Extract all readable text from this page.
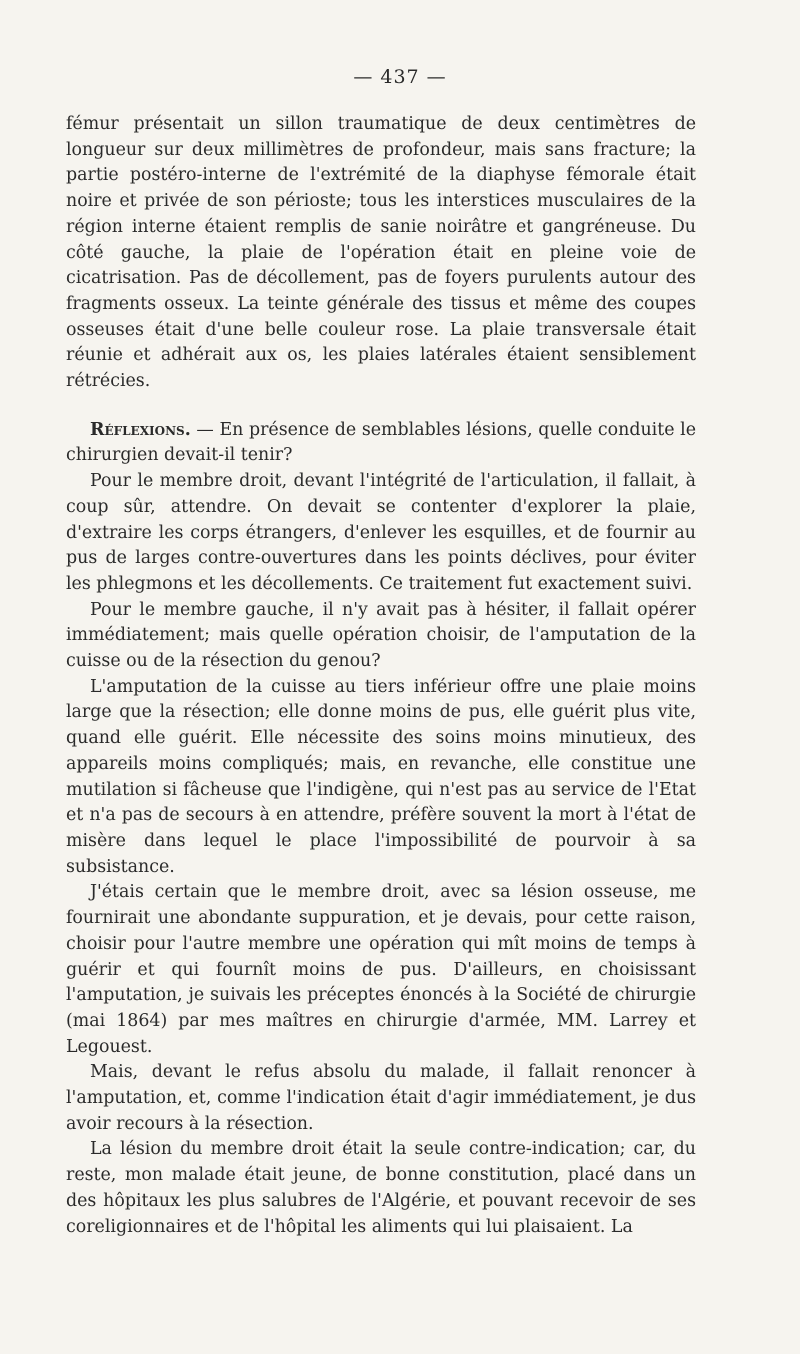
— 437 —

fémur présentait un sillon traumatique de deux centimètres de longueur sur deux millimètres de profondeur, mais sans fracture; la partie postéro-interne de l'extrémité de la diaphyse fémorale était noire et privée de son périoste; tous les interstices musculaires de la région interne étaient remplis de sanie noirâtre et gangréneuse. Du côté gauche, la plaie de l'opération était en pleine voie de cicatrisation. Pas de décollement, pas de foyers purulents autour des fragments osseux. La teinte générale des tissus et même des coupes osseuses était d'une belle couleur rose. La plaie transversale était réunie et adhérait aux os, les plaies latérales étaient sensiblement rétrécies.

Réflexions. — En présence de semblables lésions, quelle conduite le chirurgien devait-il tenir?

Pour le membre droit, devant l'intégrité de l'articulation, il fallait, à coup sûr, attendre. On devait se contenter d'explorer la plaie, d'extraire les corps étrangers, d'enlever les esquilles, et de fournir au pus de larges contre-ouvertures dans les points déclives, pour éviter les phlegmons et les décollements. Ce traitement fut exactement suivi.

Pour le membre gauche, il n'y avait pas à hésiter, il fallait opérer immédiatement; mais quelle opération choisir, de l'amputation de la cuisse ou de la résection du genou?

L'amputation de la cuisse au tiers inférieur offre une plaie moins large que la résection; elle donne moins de pus, elle guérit plus vite, quand elle guérit. Elle nécessite des soins moins minutieux, des appareils moins compliqués; mais, en revanche, elle constitue une mutilation si fâcheuse que l'indigène, qui n'est pas au service de l'Etat et n'a pas de secours à en attendre, préfère souvent la mort à l'état de misère dans lequel le place l'impossibilité de pourvoir à sa subsistance.

J'étais certain que le membre droit, avec sa lésion osseuse, me fournirait une abondante suppuration, et je devais, pour cette raison, choisir pour l'autre membre une opération qui mît moins de temps à guérir et qui fournît moins de pus. D'ailleurs, en choisissant l'amputation, je suivais les préceptes énoncés à la Société de chirurgie (mai 1864) par mes maîtres en chirurgie d'armée, MM. Larrey et Legouest.

Mais, devant le refus absolu du malade, il fallait renoncer à l'amputation, et, comme l'indication était d'agir immédiatement, je dus avoir recours à la résection.

La lésion du membre droit était la seule contre-indication; car, du reste, mon malade était jeune, de bonne constitution, placé dans un des hôpitaux les plus salubres de l'Algérie, et pouvant recevoir de ses coreligionnaires et de l'hôpital les aliments qui lui plaisaient. La
